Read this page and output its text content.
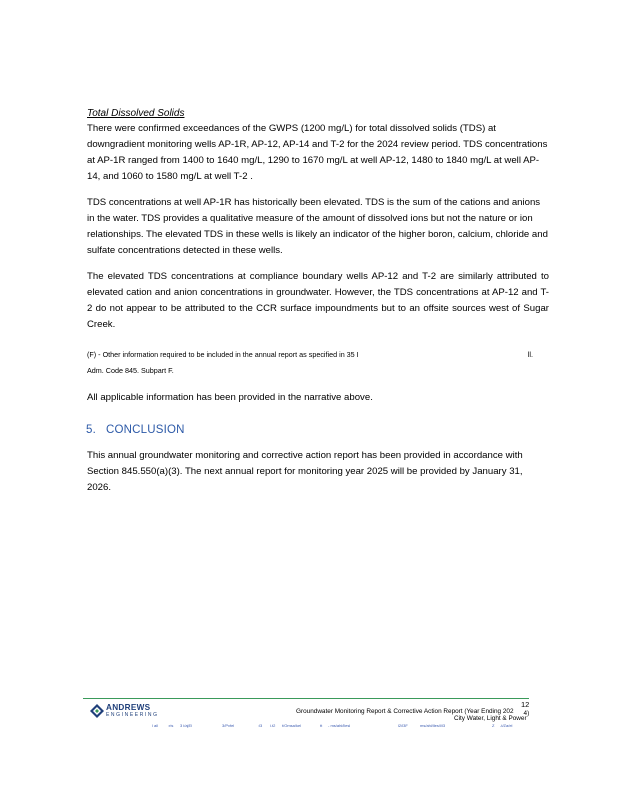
Total Dissolved Solids
There were confirmed exceedances of the GWPS (1200 mg/L) for total dissolved solids (TDS) at downgradient monitoring wells AP-1R, AP-12, AP-14 and T-2 for the 2024 review period. TDS concentrations at AP-1R ranged from 1400 to 1640 mg/L, 1290 to 1670 mg/L at well AP-12, 1480 to 1840 mg/L at well AP-14, and 1060 to 1580 mg/L at well T-2 .
TDS concentrations at well AP-1R has historically been elevated. TDS is the sum of the cations and anions in the water. TDS provides a qualitative measure of the amount of dissolved ions but not the nature or ion relationships. The elevated TDS in these wells is likely an indicator of the higher boron, calcium, chloride and sulfate concentrations detected in these wells.
The elevated TDS concentrations at compliance boundary wells AP-12 and T-2 are similarly attributed to elevated cation and anion concentrations in groundwater. However, the TDS concentrations at AP-12 and T-2 do not appear to be attributed to the CCR surface impoundments but to an offsite sources west of Sugar Creek.
(F) - Other information required to be included in the annual report as specified in 35 I	ll.
Adm. Code 845. Subpart F.
All applicable information has been provided in the narrative above.
5. CONCLUSION
This annual groundwater monitoring and corrective action report has been provided in accordance with Section 845.550(a)(3). The next annual report for monitoring year 2025 will be provided by January 31, 2026.
ANDREWS
ENGINEERING
12
Groundwater Monitoring Report & Corrective Action Report (Year Ending 202 4)
City Water, Light & Power
l ail :ris 3 i/ajEl	3/Pvfel	:l3 i.t2 t/Omsa/kel	tt - ms/ahi/llesl	l2/l3F	ms/ahi/lles/l/l3	Z -t/Za/el
